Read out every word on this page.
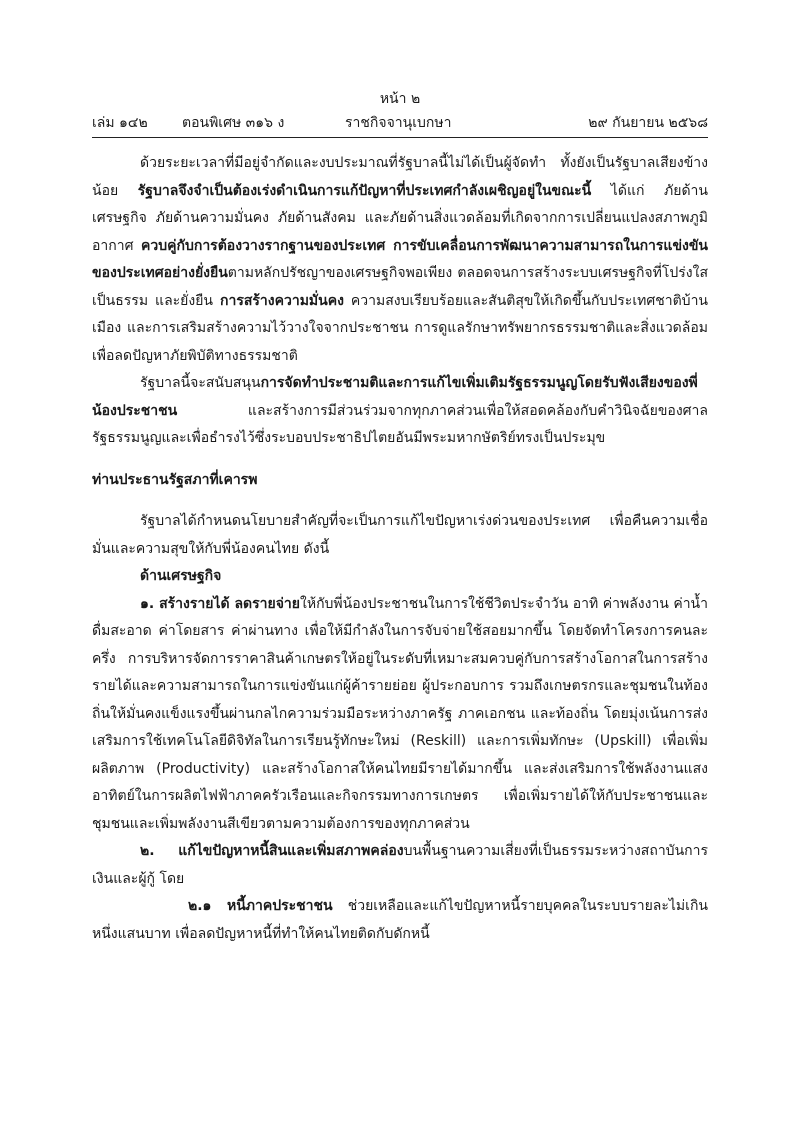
หน้า ๒
เล่ม ๑๔๒ ตอนพิเศษ ๓๑๖ ง	ราชกิจจานุเบกษา	๒๙ กันยายน ๒๕๖๘

ด้วยระยะเวลาที่มีอยู่จำกัดและงบประมาณที่รัฐบาลนี้ไม่ได้เป็นผู้จัดทำ ทั้งยังเป็นรัฐบาลเสียงข้างน้อย รัฐบาลจึงจำเป็นต้องเร่งดำเนินการแก้ปัญหาที่ประเทศกำลังเผชิญอยู่ในขณะนี้ ได้แก่ ภัยด้านเศรษฐกิจ ภัยด้านความมั่นคง ภัยด้านสังคม และภัยด้านสิ่งแวดล้อมที่เกิดจากการเปลี่ยนแปลงสภาพภูมิอากาศ ควบคู่กับการต้องวางรากฐานของประเทศ การขับเคลื่อนการพัฒนาความสามารถในการแข่งขันของประเทศอย่างยั่งยืนตามหลักปรัชญาของเศรษฐกิจพอเพียง ตลอดจนการสร้างระบบเศรษฐกิจที่โปร่งใส เป็นธรรม และยั่งยืน การสร้างความมั่นคง ความสงบเรียบร้อยและสันติสุขให้เกิดขึ้นกับประเทศชาติบ้านเมือง และการเสริมสร้างความไว้วางใจจากประชาชน การดูแลรักษาทรัพยากรธรรมชาติและสิ่งแวดล้อมเพื่อลดปัญหาภัยพิบัติทางธรรมชาติ

รัฐบาลนี้จะสนับสนุนการจัดทำประชามติและการแก้ไขเพิ่มเติมรัฐธรรมนูญโดยรับฟังเสียงของพี่น้องประชาชน และสร้างการมีส่วนร่วมจากทุกภาคส่วนเพื่อให้สอดคล้องกับคำวินิจฉัยของศาลรัฐธรรมนูญและเพื่อธำรงไว้ซึ่งระบอบประชาธิปไตยอันมีพระมหากษัตริย์ทรงเป็นประมุข

ท่านประธานรัฐสภาที่เคารพ

รัฐบาลได้กำหนดนโยบายสำคัญที่จะเป็นการแก้ไขปัญหาเร่งด่วนของประเทศ เพื่อคืนความเชื่อมั่นและความสุขให้กับพี่น้องคนไทย ดังนี้

ด้านเศรษฐกิจ

๑. สร้างรายได้ ลดรายจ่ายให้กับพี่น้องประชาชนในการใช้ชีวิตประจำวัน อาทิ ค่าพลังงาน ค่าน้ำดื่มสะอาด ค่าโดยสาร ค่าผ่านทาง เพื่อให้มีกำลังในการจับจ่ายใช้สอยมากขึ้น โดยจัดทำโครงการคนละครึ่ง การบริหารจัดการราคาสินค้าเกษตรให้อยู่ในระดับที่เหมาะสมควบคู่กับการสร้างโอกาสในการสร้างรายได้และความสามารถในการแข่งขันแก่ผู้ค้ารายย่อย ผู้ประกอบการ รวมถึงเกษตรกรและชุมชนในท้องถิ่นให้มั่นคงแข็งแรงขึ้นผ่านกลไกความร่วมมือระหว่างภาครัฐ ภาคเอกชน และท้องถิ่น โดยมุ่งเน้นการส่งเสริมการใช้เทคโนโลยีดิจิทัลในการเรียนรู้ทักษะใหม่ (Reskill) และการเพิ่มทักษะ (Upskill) เพื่อเพิ่มผลิตภาพ (Productivity) และสร้างโอกาสให้คนไทยมีรายได้มากขึ้น และส่งเสริมการใช้พลังงานแสงอาทิตย์ในการผลิตไฟฟ้าภาคครัวเรือนและกิจกรรมทางการเกษตร เพื่อเพิ่มรายได้ให้กับประชาชนและชุมชนและเพิ่มพลังงานสีเขียวตามความต้องการของทุกภาคส่วน

๒. แก้ไขปัญหาหนี้สินและเพิ่มสภาพคล่องบนพื้นฐานความเสี่ยงที่เป็นธรรมระหว่างสถาบันการเงินและผู้กู้ โดย

๒.๑ หนี้ภาคประชาชน ช่วยเหลือและแก้ไขปัญหาหนี้รายบุคคลในระบบรายละไม่เกินหนึ่งแสนบาท เพื่อลดปัญหาหนี้ที่ทำให้คนไทยติดกับดักหนี้
